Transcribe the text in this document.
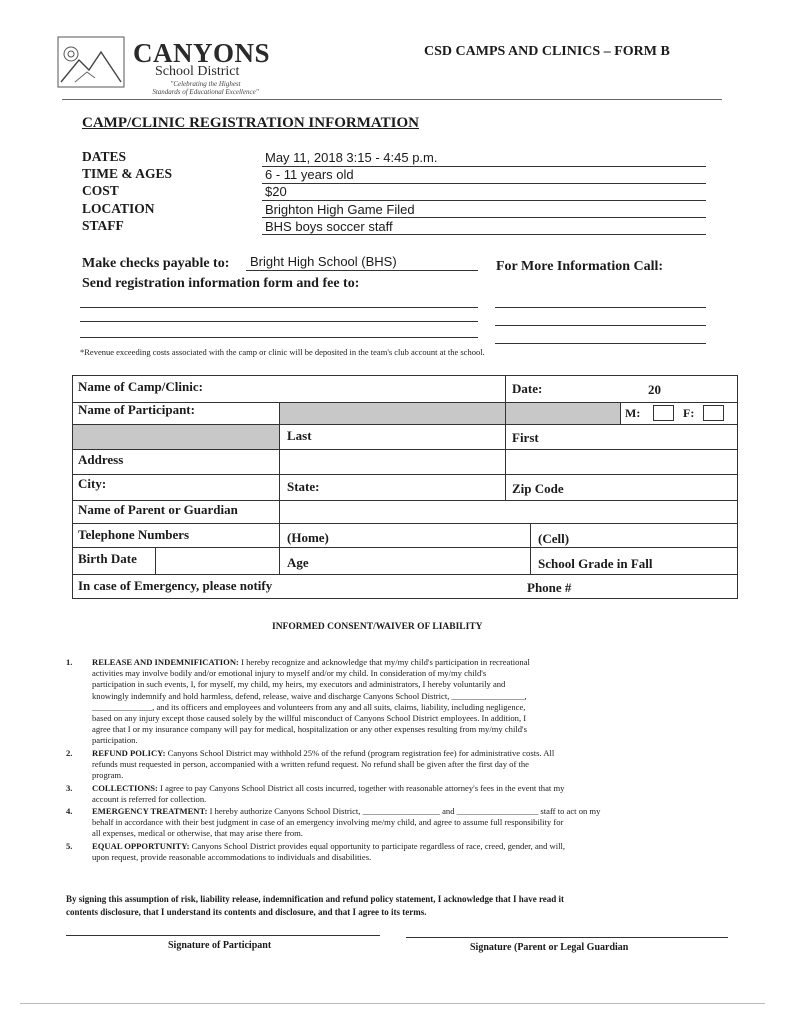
CANYONS
School District
"Celebrating the Highest
Standards of Educational Excellence"
CSD CAMPS AND CLINICS – FORM B
CAMP/CLINIC REGISTRATION INFORMATION
DATES	May 11, 2018 3:15 - 4:45 p.m.
TIME & AGES	6 - 11 years old
COST	$20
LOCATION	Brighton High Game Filed
STAFF	BHS boys soccer staff
Make checks payable to: Bright High School (BHS)	For More Information Call:
Send registration information form and fee to:
*Revenue exceeding costs associated with the camp or clinic will be deposited in the team's club account at the school.
Name of Camp/Clinic:	Date:	20
Name of Participant:	M:	F:
Last	First
Address
City:	State:	Zip Code
Name of Parent or Guardian
Telephone Numbers	(Home)	(Cell)
Birth Date	Age	School Grade in Fall
In case of Emergency, please notify	Phone #
INFORMED CONSENT/WAIVER OF LIABILITY
1. RELEASE AND INDEMNIFICATION: I hereby recognize and acknowledge that my/my child's participation in recreational
activities may involve bodily and/or emotional injury to myself and/or my child. In consideration of my/my child's
participation in such events, I, for myself, my child, my heirs, my executors and administrators, I hereby voluntarily and
knowingly indemnify and hold harmless, defend, release, waive and discharge Canyons School District, _________________,
______________, and its officers and employees and volunteers from any and all suits, claims, liability, including negligence,
based on any injury except those caused solely by the willful misconduct of Canyons School District employees. In addition, I
agree that I or my insurance company will pay for medical, hospitalization or any other expenses resulting from my/my child's
participation.
2. REFUND POLICY: Canyons School District may withhold 25% of the refund (program registration fee) for administrative costs. All
refunds must requested in person, accompanied with a written refund request. No refund shall be given after the first day of the
program.
3. COLLECTIONS: I agree to pay Canyons School District all costs incurred, together with reasonable attorney's fees in the event that my
account is referred for collection.
4. EMERGENCY TREATMENT: I hereby authorize Canyons School District, __________________ and ___________________ staff to act on my
behalf in accordance with their best judgment in case of an emergency involving me/my child, and agree to assume full responsibility for
all expenses, medical or otherwise, that may arise there from.
5. EQUAL OPPORTUNITY: Canyons School District provides equal opportunity to participate regardless of race, creed, gender, and will,
upon request, provide reasonable accommodations to individuals and disabilities.
By signing this assumption of risk, liability release, indemnification and refund policy statement, I acknowledge that I have read it
contents disclosure, that I understand its contents and disclosure, and that I agree to its terms.
Signature of Participant	Signature (Parent or Legal Guardian
